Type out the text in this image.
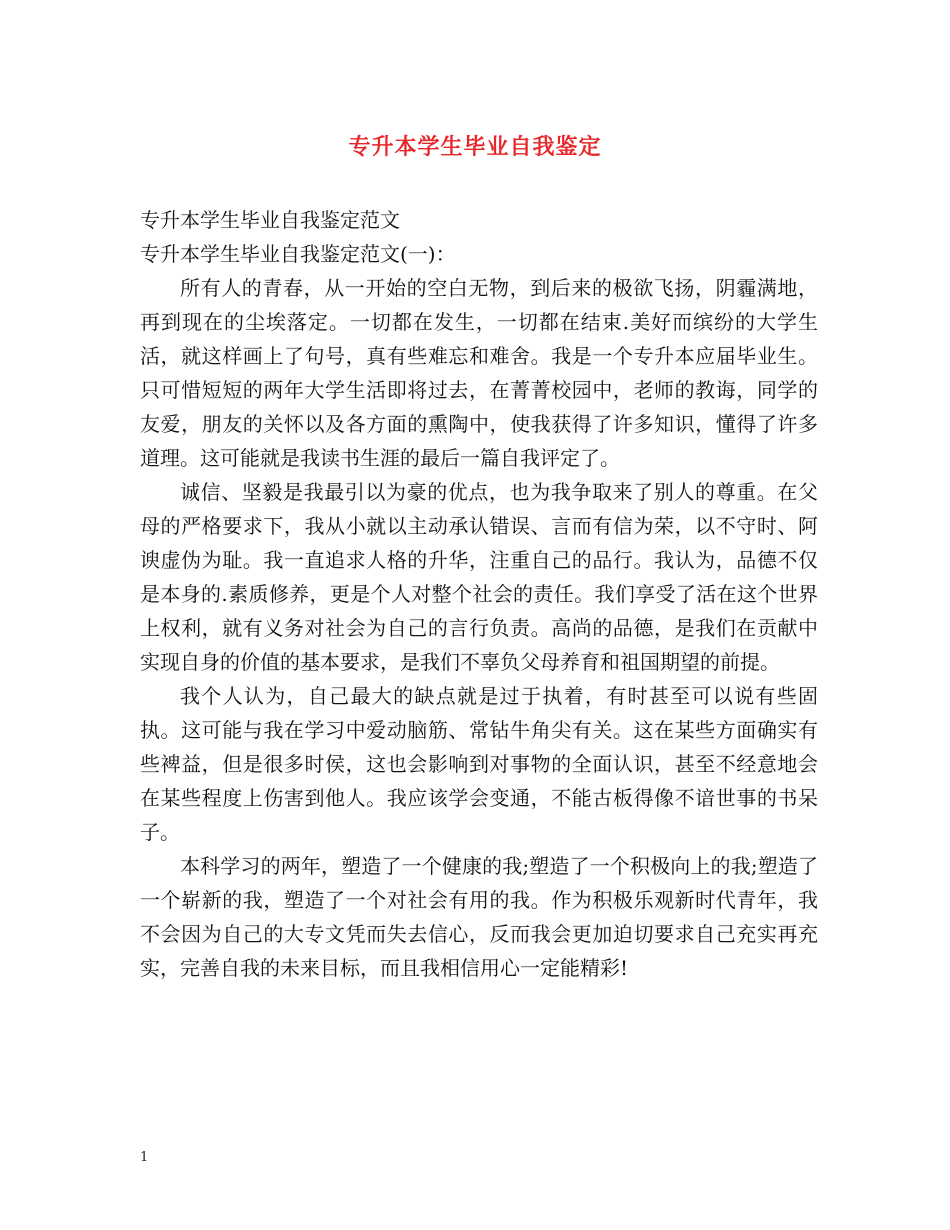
专升本学生毕业自我鉴定

专升本学生毕业自我鉴定范文

专升本学生毕业自我鉴定范文(一)：

所有人的青春，从一开始的空白无物，到后来的极欲飞扬，阴霾满地，再到现在的尘埃落定。一切都在发生，一切都在结束.美好而缤纷的大学生活，就这样画上了句号，真有些难忘和难舍。我是一个专升本应届毕业生。只可惜短短的两年大学生活即将过去，在菁菁校园中，老师的教诲，同学的友爱，朋友的关怀以及各方面的熏陶中，使我获得了许多知识，懂得了许多道理。这可能就是我读书生涯的最后一篇自我评定了。

诚信、坚毅是我最引以为豪的优点，也为我争取来了别人的尊重。在父母的严格要求下，我从小就以主动承认错误、言而有信为荣，以不守时、阿谀虚伪为耻。我一直追求人格的升华，注重自己的品行。我认为，品德不仅是本身的.素质修养，更是个人对整个社会的责任。我们享受了活在这个世界上权利，就有义务对社会为自己的言行负责。高尚的品德，是我们在贡献中实现自身的价值的基本要求，是我们不辜负父母养育和祖国期望的前提。

我个人认为，自己最大的缺点就是过于执着，有时甚至可以说有些固执。这可能与我在学习中爱动脑筋、常钻牛角尖有关。这在某些方面确实有些裨益，但是很多时侯，这也会影响到对事物的全面认识，甚至不经意地会在某些程度上伤害到他人。我应该学会变通，不能古板得像不谙世事的书呆子。

本科学习的两年，塑造了一个健康的我;塑造了一个积极向上的我;塑造了一个崭新的我，塑造了一个对社会有用的我。作为积极乐观新时代青年，我不会因为自己的大专文凭而失去信心，反而我会更加迫切要求自己充实再充实，完善自我的未来目标，而且我相信用心一定能精彩!

1
